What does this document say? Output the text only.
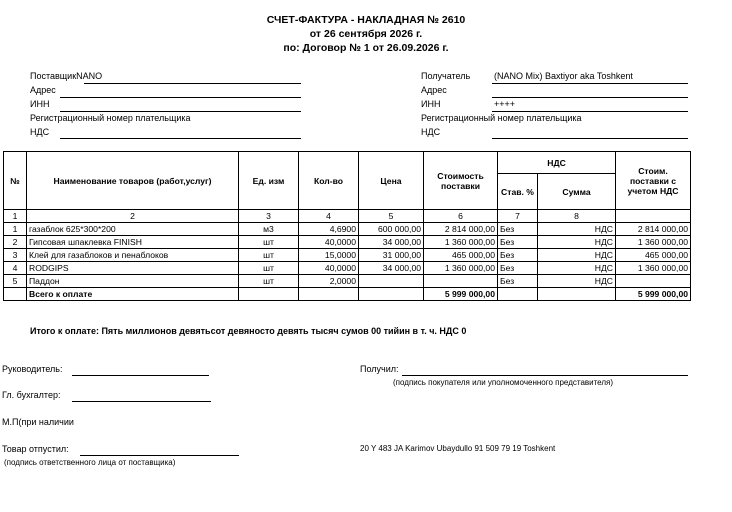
СЧЕТ-ФАКТУРА - НАКЛАДНАЯ № 2610
от 26 сентября 2026 г.
по: Договор № 1 от 26.09.2026 г.
ПоставщикNANO
Адрес
ИНН
Регистрационный номер плательщика
НДС
Получатель	(NANO Mix) Baxtiyor aka Toshkent
Адрес
ИНН	++++
Регистрационный номер плательщика
НДС
№	Наименование товаров (работ,услуг)	Ед. изм	Кол-во	Цена	Стоимость поставки	НДС		Стоим. поставки с учетом НДС
						Став. %	Сумма	
1	2	3	4	5	6	7	8	
1	газаблок 625*300*200	м3	4,6900	600 000,00	2 814 000,00	Без	НДС	2 814 000,00
2	Гипсовая шпаклевка FINISH	шт	40,0000	34 000,00	1 360 000,00	Без	НДС	1 360 000,00
3	Клей для газаблоков и пенаблоков	шт	15,0000	31 000,00	465 000,00	Без	НДС	465 000,00
4	RODGIPS	шт	40,0000	34 000,00	1 360 000,00	Без	НДС	1 360 000,00
5	Паддон	шт	2,0000			Без	НДС	
	Всего к оплате				5 999 000,00			5 999 000,00
Итого к оплате: Пять миллионов девятьсот девяносто девять тысяч сумов 00 тийин в т. ч. НДС 0
Руководитель:
Гл. бухгалтер:
М.П(при наличии
Товар отпустил:
(подпись ответственного лица от поставщика)
Получил:
(подпись покупателя или уполномоченного представителя)
20 Y 483 JA Karimov Ubaydullo 91 509 79 19 Toshkent
